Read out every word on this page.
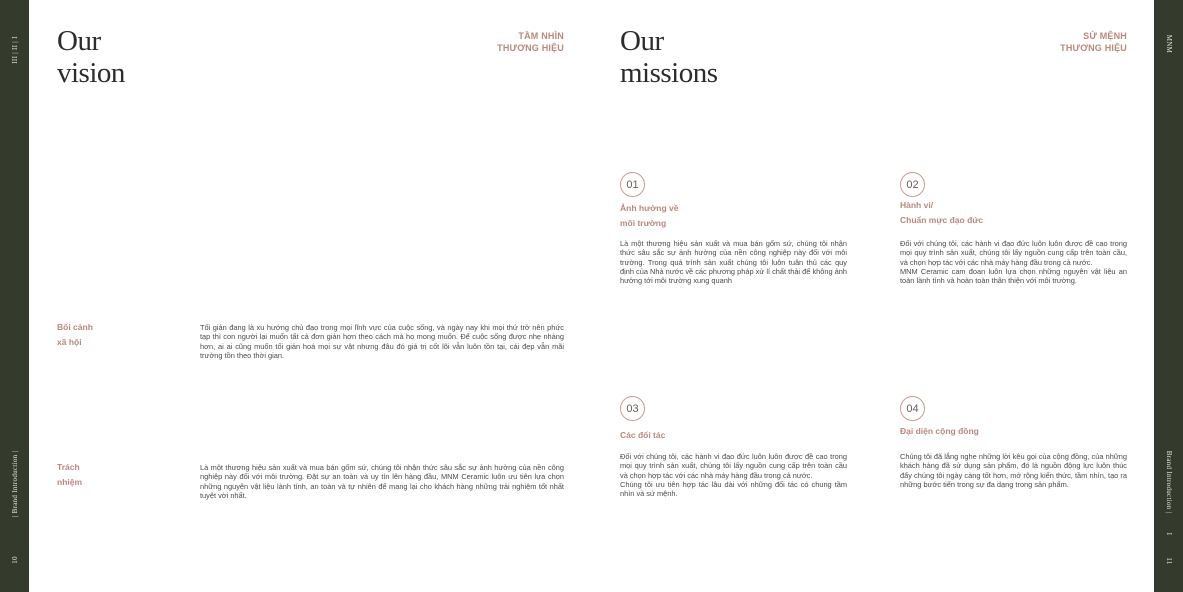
III | II | I
| Brand Introduction |
10
MNM
Brand Introduction |
I
11
Our
vision
TẦM NHÌN
THƯƠNG HIỆU
Bối cảnh
xã hội
Tối giản đang là xu hướng chủ đạo trong mọi lĩnh vực của cuộc sống, và ngày nay khi mọi thứ trở nên phức tạp thì con người lại muốn tất cả đơn giản hơn theo cách mà họ mong muốn. Để cuộc sống được nhẹ nhàng hơn, ai ai cũng muốn tối giản hoá mọi sự vật nhưng đâu đó giá trị cốt lõi vẫn luôn tồn tại, cái đẹp vẫn mãi trường tồn theo thời gian.
Trách
nhiệm
Là một thương hiệu sản xuất và mua bán gốm sứ, chúng tôi nhận thức sâu sắc sự ảnh hưởng của nền công nghiệp này đối với môi trường. Đặt sự an toàn và uy tín lên hàng đầu, MNM Ceramic luôn ưu tiên lựa chọn những nguyên vật liệu lành tính, an toàn và tự nhiên để mang lại cho khách hàng những trải nghiệm tốt nhất tuyệt vời nhất.
Our
missions
SỨ MỆNH
THƯƠNG HIỆU
01
Ảnh hưởng về
môi trường
Là một thương hiệu sản xuất và mua bán gốm sứ, chúng tôi nhận thức sâu sắc sự ảnh hưởng của nền công nghiệp này đối với môi trường. Trong quá trình sản xuất chúng tôi luôn tuân thủ các quy định của Nhà nước về các phương pháp xử lí chất thải để không ảnh hưởng tới môi trường xung quanh
02
Hành vi/
Chuẩn mực đạo đức
Đối với chúng tôi, các hành vi đạo đức luôn luôn được đề cao trong mọi quy trình sản xuất, chúng tôi lấy nguồn cung cấp trên toàn cầu, và chọn hợp tác với các nhà máy hàng đầu trong cả nước.
MNM Ceramic cam đoan luôn lựa chọn những nguyên vật liệu an toàn lành tính và hoàn toàn thân thiện với môi trường.
03
Các đối tác
Đối với chúng tôi, các hành vi đạo đức luôn luôn được đề cao trong mọi quy trình sản xuất, chúng tôi lấy nguồn cung cấp trên toàn cầu và chọn hợp tác với các nhà máy hàng đầu trong cả nước.
Chúng tôi ưu tiên hợp tác lâu dài với những đối tác có chung tầm nhìn và sứ mệnh.
04
Đại diện cộng đồng
Chúng tôi đã lắng nghe những lời kêu gọi của cộng đồng, của những khách hàng đã sử dụng sản phẩm, đó là nguồn động lực luôn thúc đẩy chúng tôi ngày càng tốt hơn, mở rộng kiến thức, tầm nhìn, tạo ra những bước tiến trong sự đa dạng trong sản phẩm.
